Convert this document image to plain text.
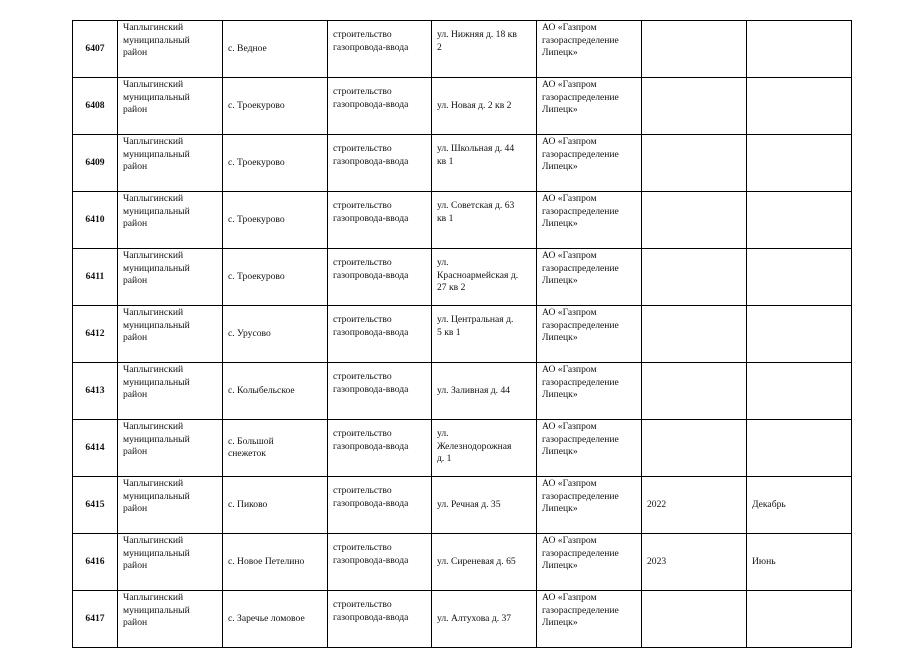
6407	Чаплыгинский
муниципальный
район	с. Ведное	строительство
газопровода-ввода	ул. Нижняя д. 18 кв
2	АО «Газпром
газораспределение
Липецк»		

6408	Чаплыгинский
муниципальный
район	с. Троекурово	строительство
газопровода-ввода	ул. Новая д. 2 кв 2	АО «Газпром
газораспределение
Липецк»		

6409	Чаплыгинский
муниципальный
район	с. Троекурово	строительство
газопровода-ввода	ул. Школьная д. 44
кв 1	АО «Газпром
газораспределение
Липецк»		

6410	Чаплыгинский
муниципальный
район	с. Троекурово	строительство
газопровода-ввода	ул. Советская д. 63
кв 1	АО «Газпром
газораспределение
Липецк»		

6411	Чаплыгинский
муниципальный
район	с. Троекурово	строительство
газопровода-ввода	ул.
Красноармейская д.
27 кв 2	АО «Газпром
газораспределение
Липецк»		

6412	Чаплыгинский
муниципальный
район	с. Урусово	строительство
газопровода-ввода	ул. Центральная д.
5 кв 1	АО «Газпром
газораспределение
Липецк»		

6413	Чаплыгинский
муниципальный
район	с. Колыбельское	строительство
газопровода-ввода	ул. Заливная д. 44	АО «Газпром
газораспределение
Липецк»		

6414	Чаплыгинский
муниципальный
район	с. Большой
снежеток	строительство
газопровода-ввода	ул.
Железнодорожная
д. 1	АО «Газпром
газораспределение
Липецк»		

6415	Чаплыгинский
муниципальный
район	с. Пиково	строительство
газопровода-ввода	ул. Речная д. 35	АО «Газпром
газораспределение
Липецк»	2022	Декабрь

6416	Чаплыгинский
муниципальный
район	с. Новое Петелино	строительство
газопровода-ввода	ул. Сиреневая д. 65	АО «Газпром
газораспределение
Липецк»	2023	Июнь

6417	Чаплыгинский
муниципальный
район	с. Заречье ломовое	строительство
газопровода-ввода	ул. Алтухова д. 37	АО «Газпром
газораспределение
Липецк»		
